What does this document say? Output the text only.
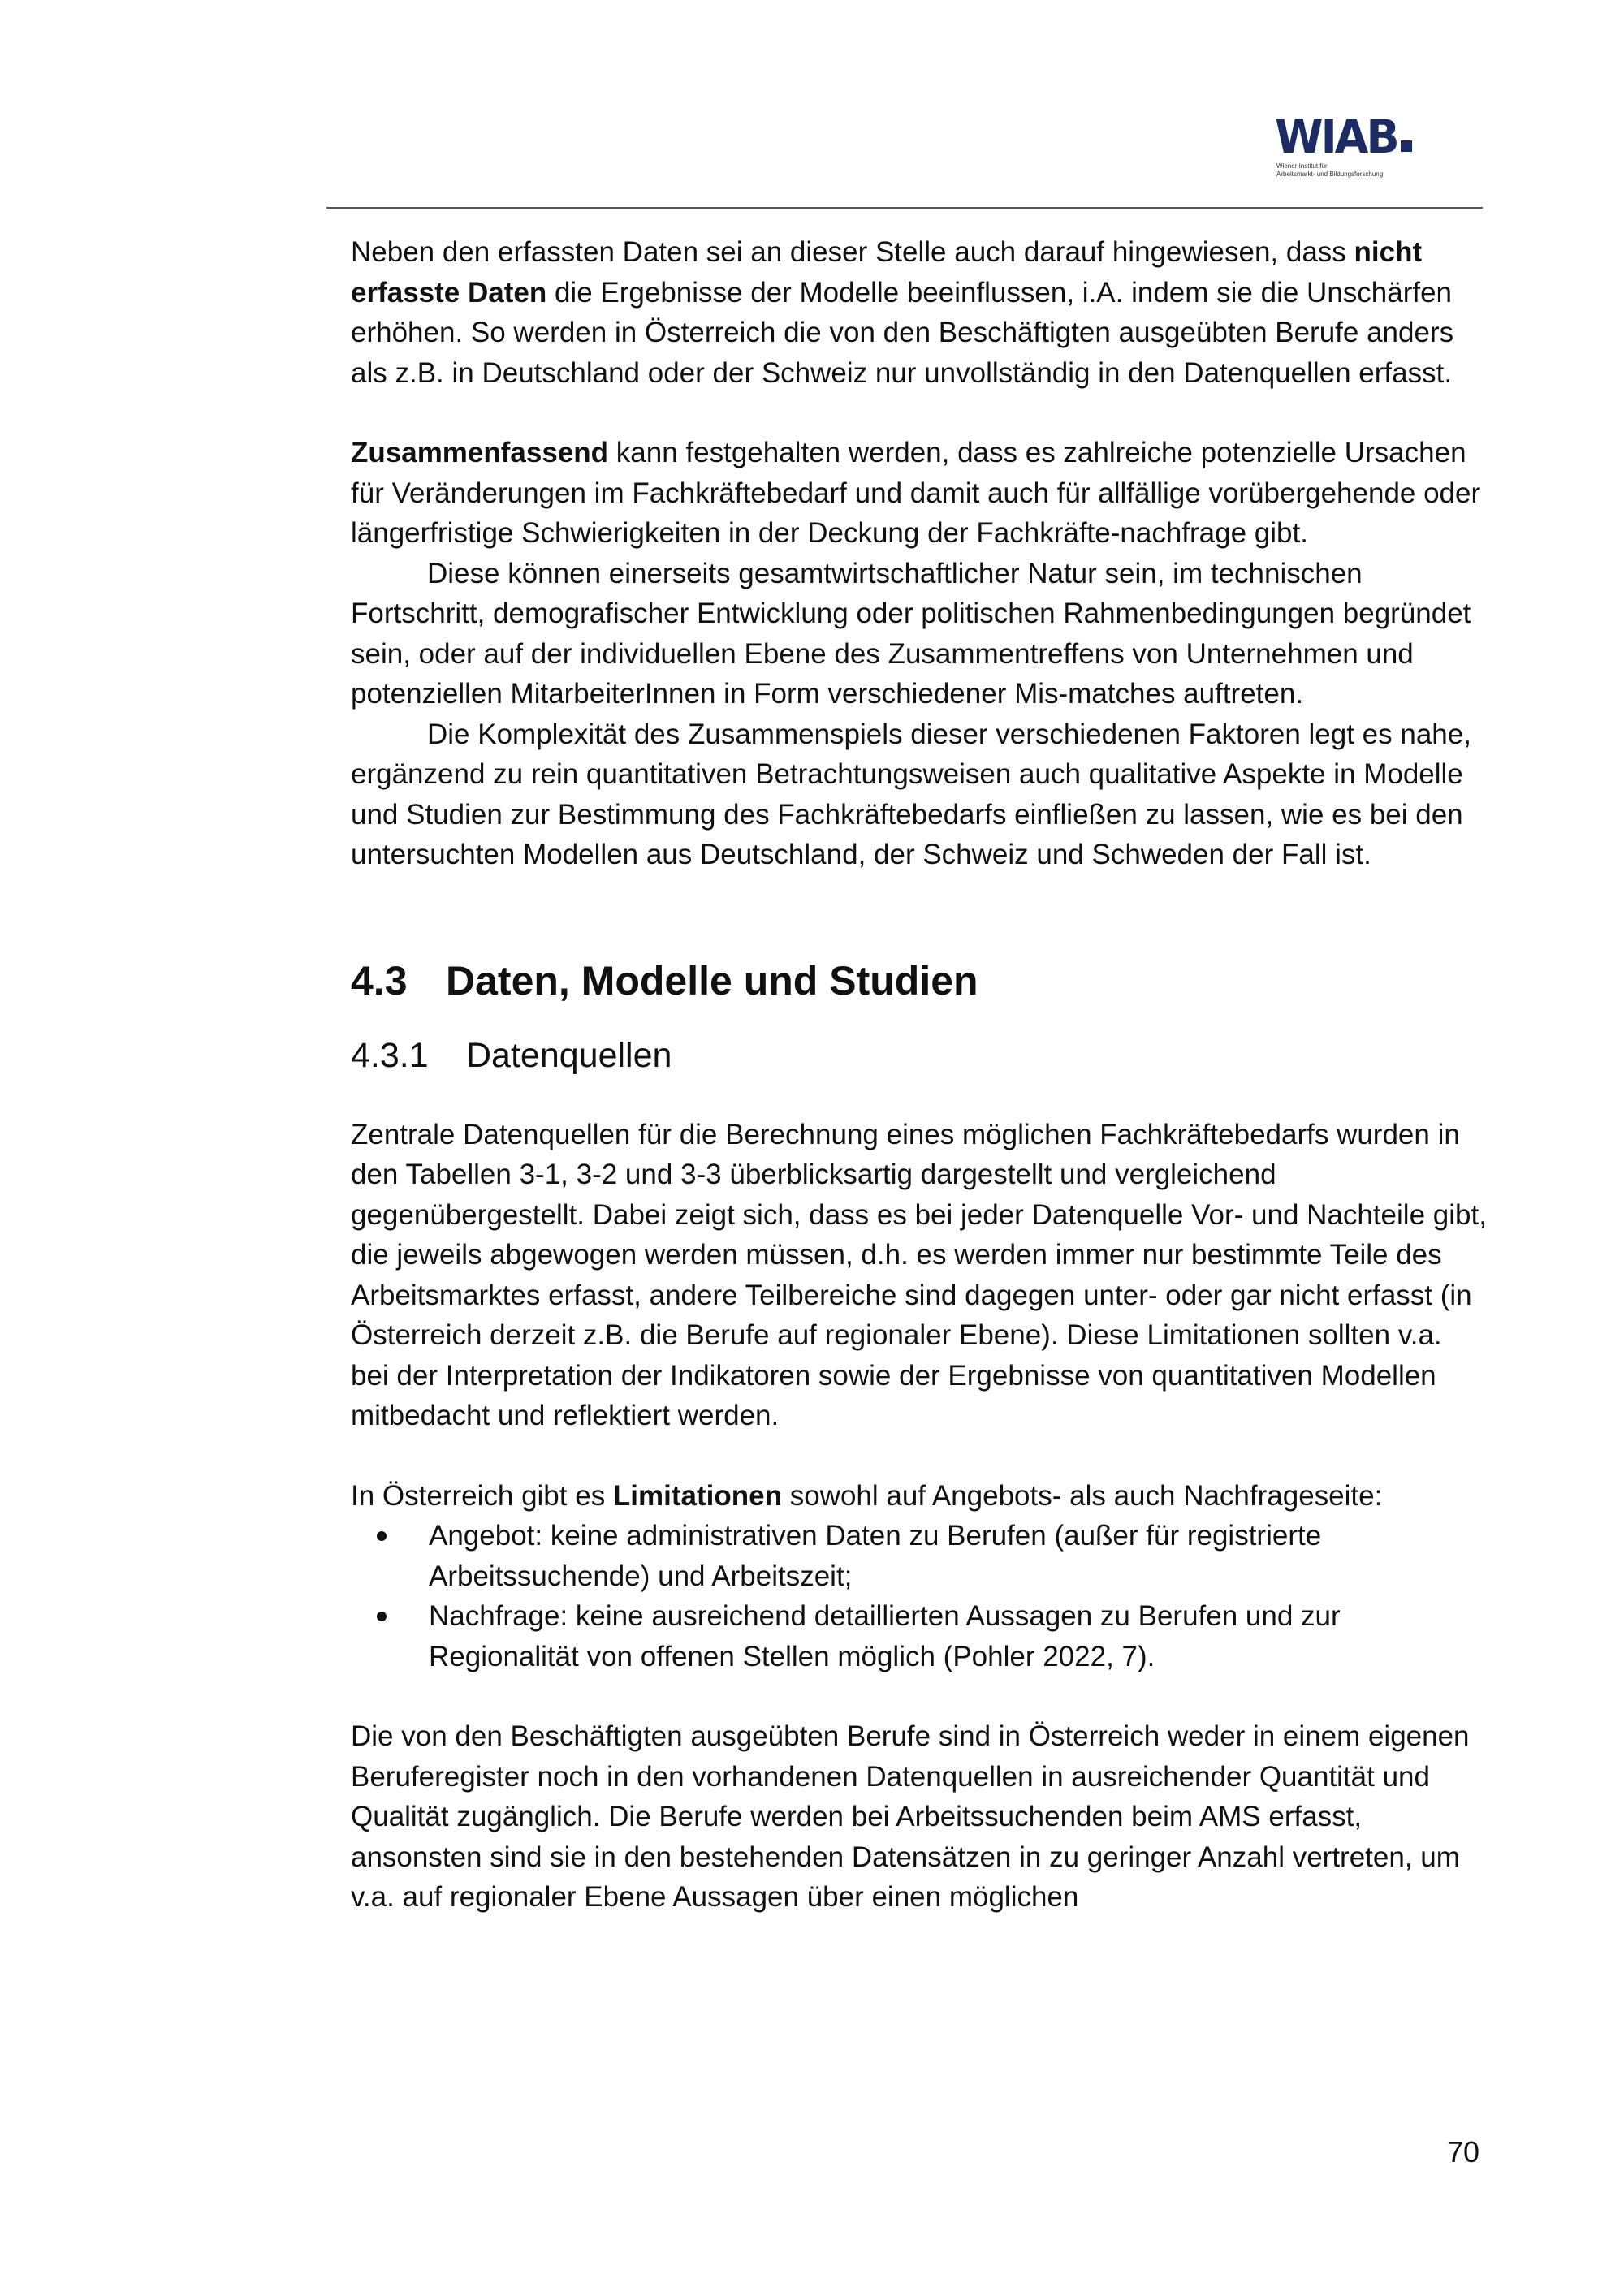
WIAB
Wiener Institut für
Arbeitsmarkt- und Bildungsforschung

Neben den erfassten Daten sei an dieser Stelle auch darauf hingewiesen, dass nicht erfasste Daten die Ergebnisse der Modelle beeinflussen, i.A. indem sie die Unschärfen erhöhen. So werden in Österreich die von den Beschäftigten ausgeübten Berufe anders als z.B. in Deutschland oder der Schweiz nur unvollständig in den Datenquellen erfasst.

Zusammenfassend kann festgehalten werden, dass es zahlreiche potenzielle Ursachen für Veränderungen im Fachkräftebedarf und damit auch für allfällige vorübergehende oder längerfristige Schwierigkeiten in der Deckung der Fachkräfte-nachfrage gibt.

Diese können einerseits gesamtwirtschaftlicher Natur sein, im technischen Fortschritt, demografischer Entwicklung oder politischen Rahmenbedingungen begründet sein, oder auf der individuellen Ebene des Zusammentreffens von Unternehmen und potenziellen MitarbeiterInnen in Form verschiedener Mis-matches auftreten.

Die Komplexität des Zusammenspiels dieser verschiedenen Faktoren legt es nahe, ergänzend zu rein quantitativen Betrachtungsweisen auch qualitative Aspekte in Modelle und Studien zur Bestimmung des Fachkräftebedarfs einfließen zu lassen, wie es bei den untersuchten Modellen aus Deutschland, der Schweiz und Schweden der Fall ist.

4.3 Daten, Modelle und Studien
4.3.1 Datenquellen

Zentrale Datenquellen für die Berechnung eines möglichen Fachkräftebedarfs wurden in den Tabellen 3-1, 3-2 und 3-3 überblicksartig dargestellt und vergleichend gegenübergestellt. Dabei zeigt sich, dass es bei jeder Datenquelle Vor- und Nachteile gibt, die jeweils abgewogen werden müssen, d.h. es werden immer nur bestimmte Teile des Arbeitsmarktes erfasst, andere Teilbereiche sind dagegen unter- oder gar nicht erfasst (in Österreich derzeit z.B. die Berufe auf regionaler Ebene). Diese Limitationen sollten v.a. bei der Interpretation der Indikatoren sowie der Ergebnisse von quantitativen Modellen mitbedacht und reflektiert werden.

In Österreich gibt es Limitationen sowohl auf Angebots- als auch Nachfrageseite:

Angebot: keine administrativen Daten zu Berufen (außer für registrierte Arbeitssuchende) und Arbeitszeit;
Nachfrage: keine ausreichend detaillierten Aussagen zu Berufen und zur Regionalität von offenen Stellen möglich (Pohler 2022, 7).

Die von den Beschäftigten ausgeübten Berufe sind in Österreich weder in einem eigenen Beruferegister noch in den vorhandenen Datenquellen in ausreichender Quantität und Qualität zugänglich. Die Berufe werden bei Arbeitssuchenden beim AMS erfasst, ansonsten sind sie in den bestehenden Datensätzen in zu geringer Anzahl vertreten, um v.a. auf regionaler Ebene Aussagen über einen möglichen

70
